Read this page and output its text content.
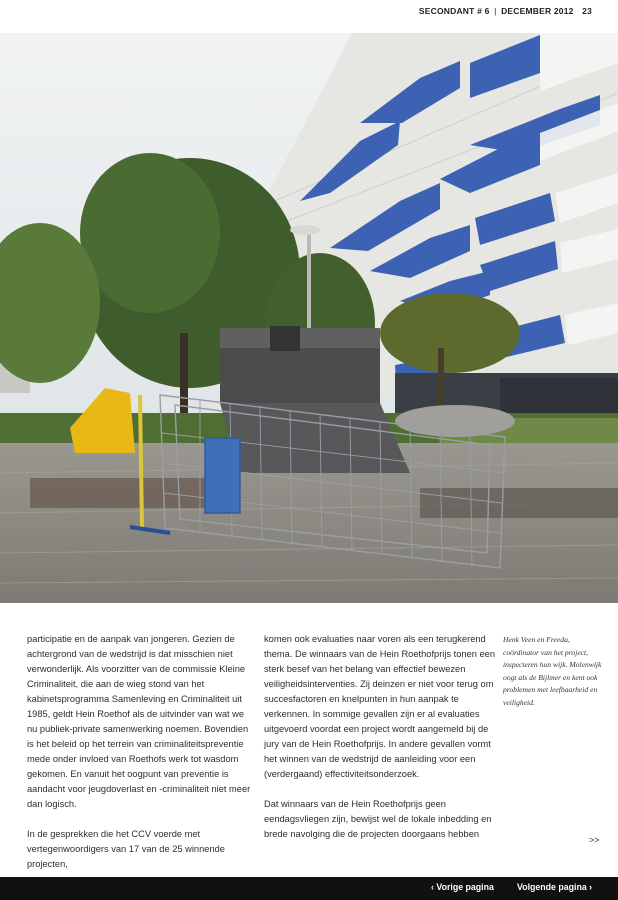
SECONDANT # 6 | DECEMBER 2012 23

participatie en de aanpak van jongeren. Gezien de achtergrond van de wedstrijd is dat misschien niet verwonderlijk. Als voorzitter van de commissie Kleine Criminaliteit, die aan de wieg stond van het kabinetsprogramma Samenleving en Criminaliteit uit 1985, geldt Hein Roethof als de uitvinder van wat we nu publiek-private samenwerking noemen. Bovendien is het beleid op het terrein van criminaliteitspreventie mede onder invloed van Roethofs werk tot wasdom gekomen. En vanuit het oogpunt van preventie is aandacht voor jeugdoverlast en -criminaliteit niet meer dan logisch.

In de gesprekken die het CCV voerde met vertegenwoordigers van 17 van de 25 winnende projecten,

komen ook evaluaties naar voren als een terugkerend thema. De winnaars van de Hein Roethofprijs tonen een sterk besef van het belang van effectief bewezen veiligheidsinterventies. Zij deinzen er niet voor terug om succesfactoren en knelpunten in hun aanpak te verkennen. In sommige gevallen zijn er al evaluaties uitgevoerd voordat een project wordt aangemeld bij de jury van de Hein Roethofprijs. In andere gevallen vormt het winnen van de wedstrijd de aanleiding voor een (verdergaand) effectiviteitsonderzoek.

Dat winnaars van de Hein Roethofprijs geen eendagsvliegen zijn, bewijst wel de lokale inbedding en brede navolging die de projecten doorgaans hebben

Henk Veen en Freeda, coördinator van het project, inspecteren hun wijk. Molenwijk oogt als de Bijlmer en kent ook problemen met leefbaarheid en veiligheid.
>>
‹ Vorige pagina	Volgende pagina ›
